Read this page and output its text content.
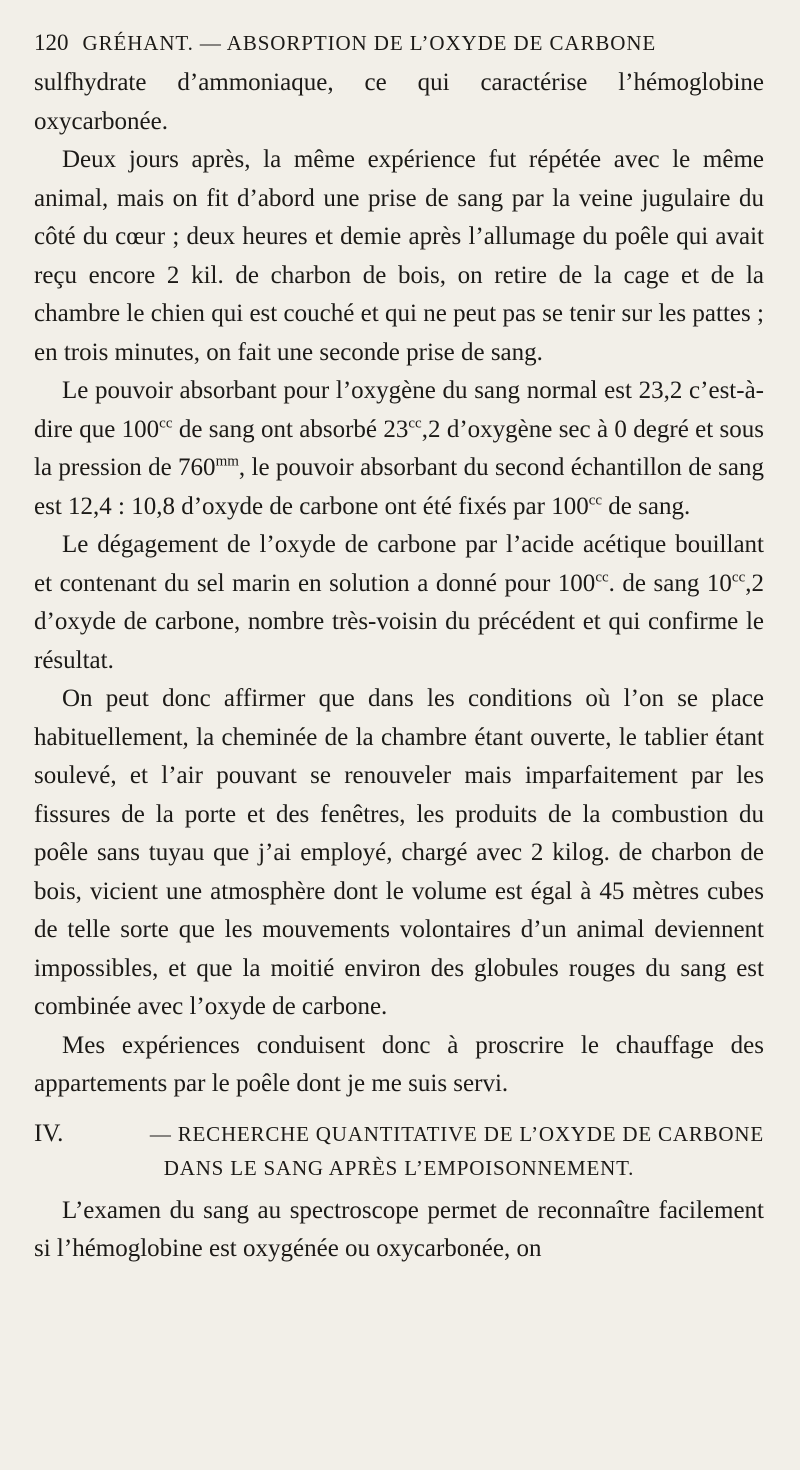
120 GRÉHANT. — ABSORPTION DE L’OXYDE DE CARBONE

sulfhydrate d’ammoniaque, ce qui caractérise l’hémoglobine oxycarbonée.

Deux jours après, la même expérience fut répétée avec le même animal, mais on fit d’abord une prise de sang par la veine jugulaire du côté du cœur ; deux heures et demie après l’allumage du poêle qui avait reçu encore 2 kil. de charbon de bois, on retire de la cage et de la chambre le chien qui est couché et qui ne peut pas se tenir sur les pattes ; en trois minutes, on fait une seconde prise de sang.

Le pouvoir absorbant pour l’oxygène du sang normal est 23,2 c’est-à-dire que $100^{cc}$ de sang ont absorbé $23^{cc},2$ d’oxygène sec à 0 degré et sous la pression de $760^{mm}$, le pouvoir absorbant du second échantillon de sang est 12,4 : 10,8 d’oxyde de carbone ont été fixés par $100^{cc}$ de sang.

Le dégagement de l’oxyde de carbone par l’acide acétique bouillant et contenant du sel marin en solution a donné pour $100^{cc}$. de sang $10^{cc},2$ d’oxyde de carbone, nombre très-voisin du précédent et qui confirme le résultat.

On peut donc affirmer que dans les conditions où l’on se place habituellement, la cheminée de la chambre étant ouverte, le tablier étant soulevé, et l’air pouvant se renouveler mais imparfaitement par les fissures de la porte et des fenêtres, les produits de la combustion du poêle sans tuyau que j’ai employé, chargé avec 2 kilog. de charbon de bois, vicient une atmosphère dont le volume est égal à 45 mètres cubes de telle sorte que les mouvements volontaires d’un animal deviennent impossibles, et que la moitié environ des globules rouges du sang est combinée avec l’oxyde de carbone.

Mes expériences conduisent donc à proscrire le chauffage des appartements par le poêle dont je me suis servi.

IV.	— RECHERCHE QUANTITATIVE DE L’OXYDE DE CARBONE
DANS LE SANG APRÈS L’EMPOISONNEMENT.

L’examen du sang au spectroscope permet de reconnaître facilement si l’hémoglobine est oxygénée ou oxycarbonée, on
